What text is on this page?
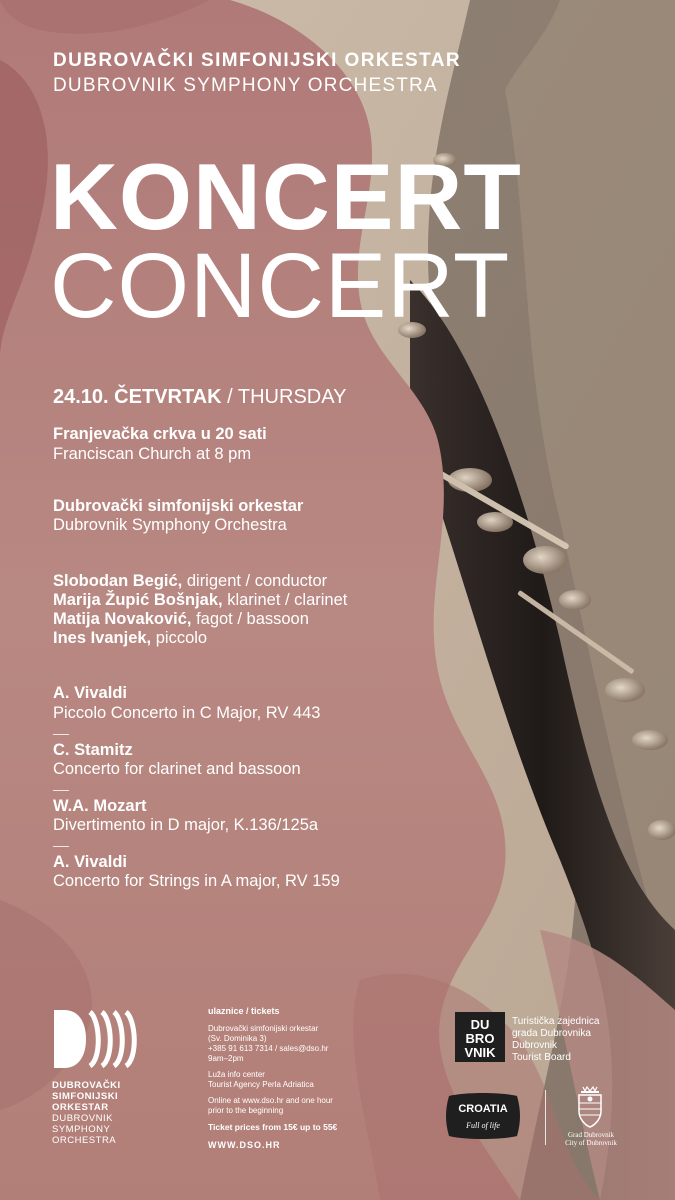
DUBROVAČKI SIMFONIJSKI ORKESTAR
DUBROVNIK SYMPHONY ORCHESTRA
KONCERT
CONCERT
24.10. ČETVRTAK / THURSDAY
Franjevačka crkva u 20 sati
Franciscan Church at 8 pm
Dubrovački simfonijski orkestar
Dubrovnik Symphony Orchestra
Slobodan Begić, dirigent / conductor
Marija Župić Bošnjak, klarinet / clarinet
Matija Novaković, fagot / bassoon
Ines Ivanjek, piccolo
A. Vivaldi
Piccolo Concerto in C Major, RV 443
C. Stamitz
Concerto for clarinet and bassoon
W.A. Mozart
Divertimento in D major, K.136/125a
A. Vivaldi
Concerto for Strings in A major, RV 159
DUBROVAČKI
SIMFONIJSKI
ORKESTAR
DUBROVNIK
SYMPHONY
ORCHESTRA
ulaznice / tickets
Dubrovački simfonijski orkestar
(Sv. Dominika 3)
+385 91 613 7314 / sales@dso.hr
9am–2pm
Luža info center
Tourist Agency Perla Adriatica
Online at www.dso.hr and one hour
prior to the beginning
Ticket prices from 15€ up to 55€
WWW.DSO.HR
DU
BRO
VNIK
Turistička zajednica
grada Dubrovnika
Dubrovnik
Tourist Board
CROATIA
Full of life
Grad Dubrovnik
City of Dubrovnik
